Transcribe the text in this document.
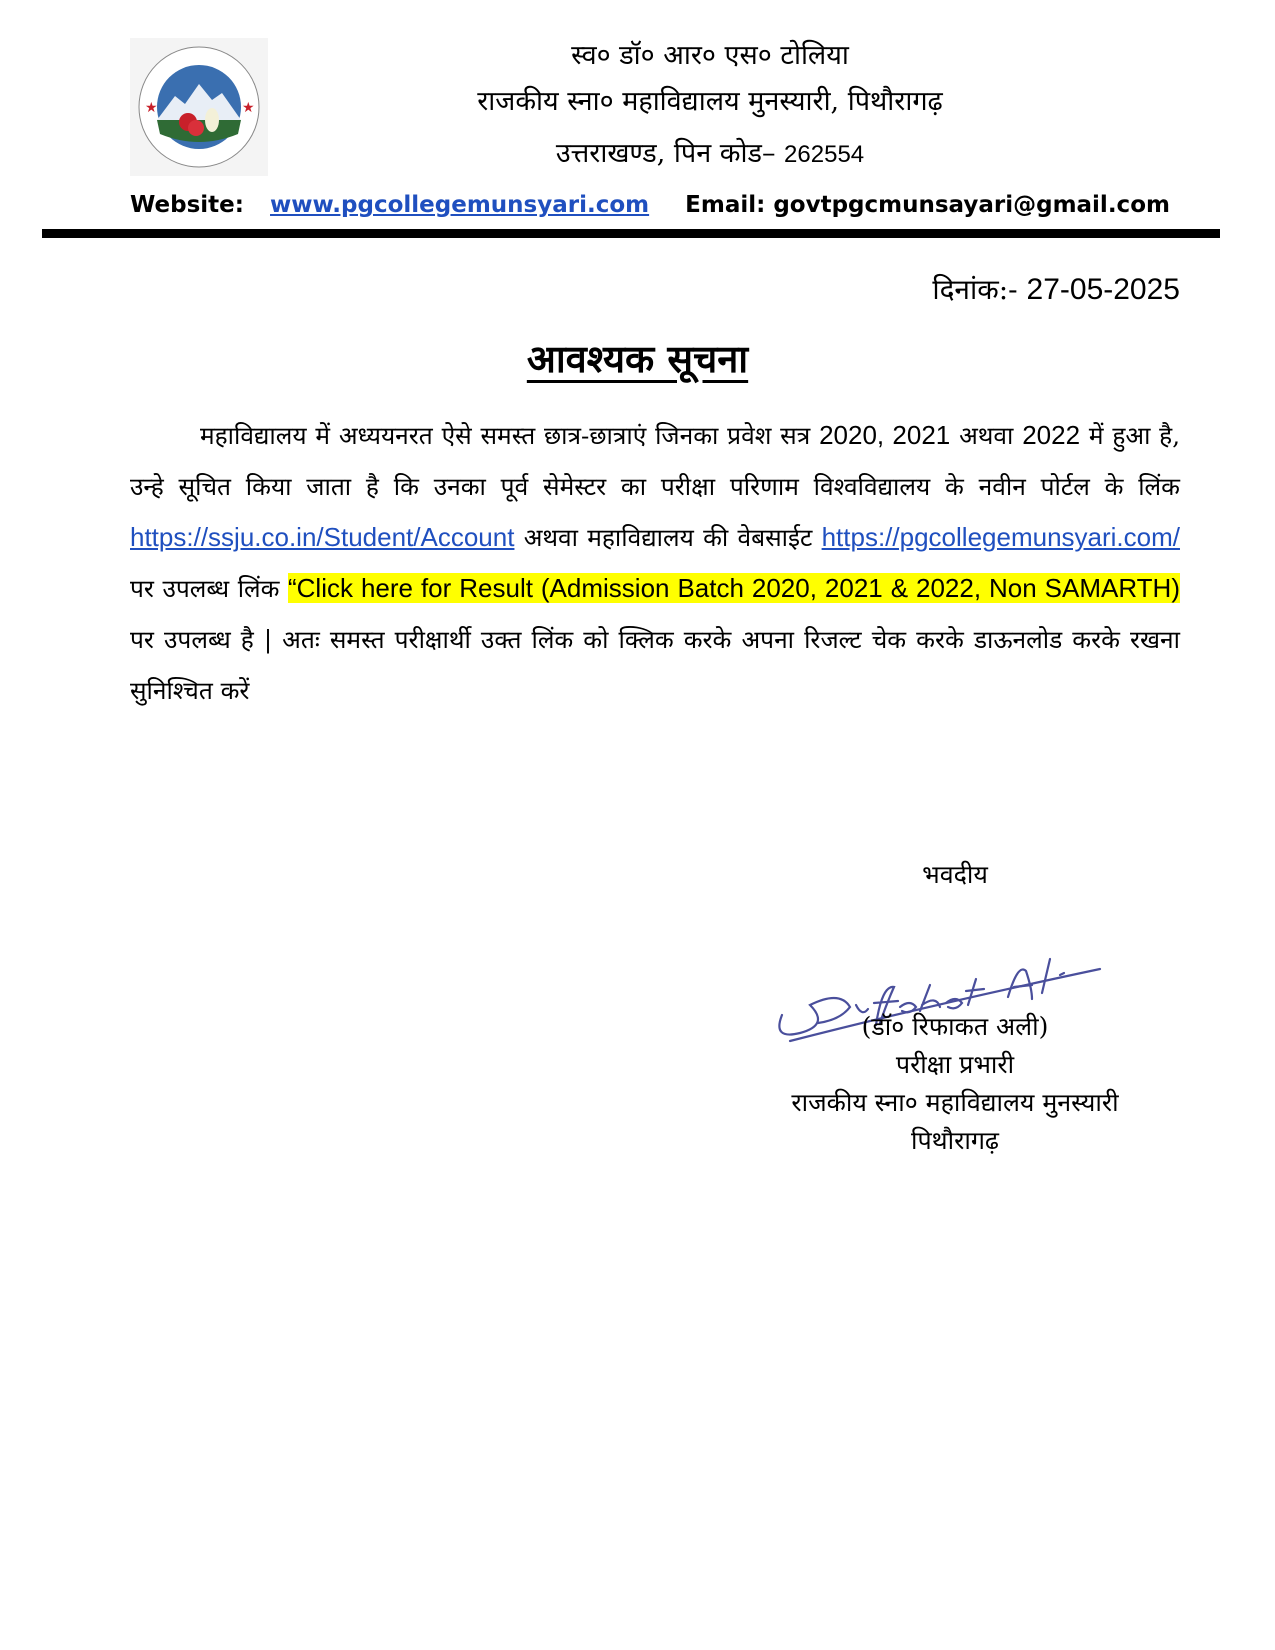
★	★
स्व० डॉ० आर० एस० टोलिया
राजकीय स्ना० महाविद्यालय मुनस्यारी, पिथौरागढ़
उत्तराखण्ड, पिन कोड– 262554
Website: www.pgcollegemunsyari.com Email: govtpgcmunsayari@gmail.com
दिनांक:- 27-05-2025
आवश्यक सूचना
महाविद्यालय में अध्ययनरत ऐसे समस्त छात्र-छात्राएं जिनका प्रवेश सत्र 2020, 2021 अथवा 2022 में हुआ है, उन्हे सूचित किया जाता है कि उनका पूर्व सेमेस्टर का परीक्षा परिणाम विश्वविद्यालय के नवीन पोर्टल के लिंक https://ssju.co.in/Student/Account अथवा महाविद्यालय की वेबसाईट https://pgcollegemunsyari.com/ पर उपलब्ध लिंक “Click here for Result (Admission Batch 2020, 2021 & 2022, Non SAMARTH) पर उपलब्ध है | अतः समस्त परीक्षार्थी उक्त लिंक को क्लिक करके अपना रिजल्ट चेक करके डाऊनलोड करके रखना सुनिश्चित करें
भवदीय
Rifakat Ali
(डॉ० रिफाकत अली)
परीक्षा प्रभारी
राजकीय स्ना० महाविद्यालय मुनस्यारी
पिथौरागढ़
